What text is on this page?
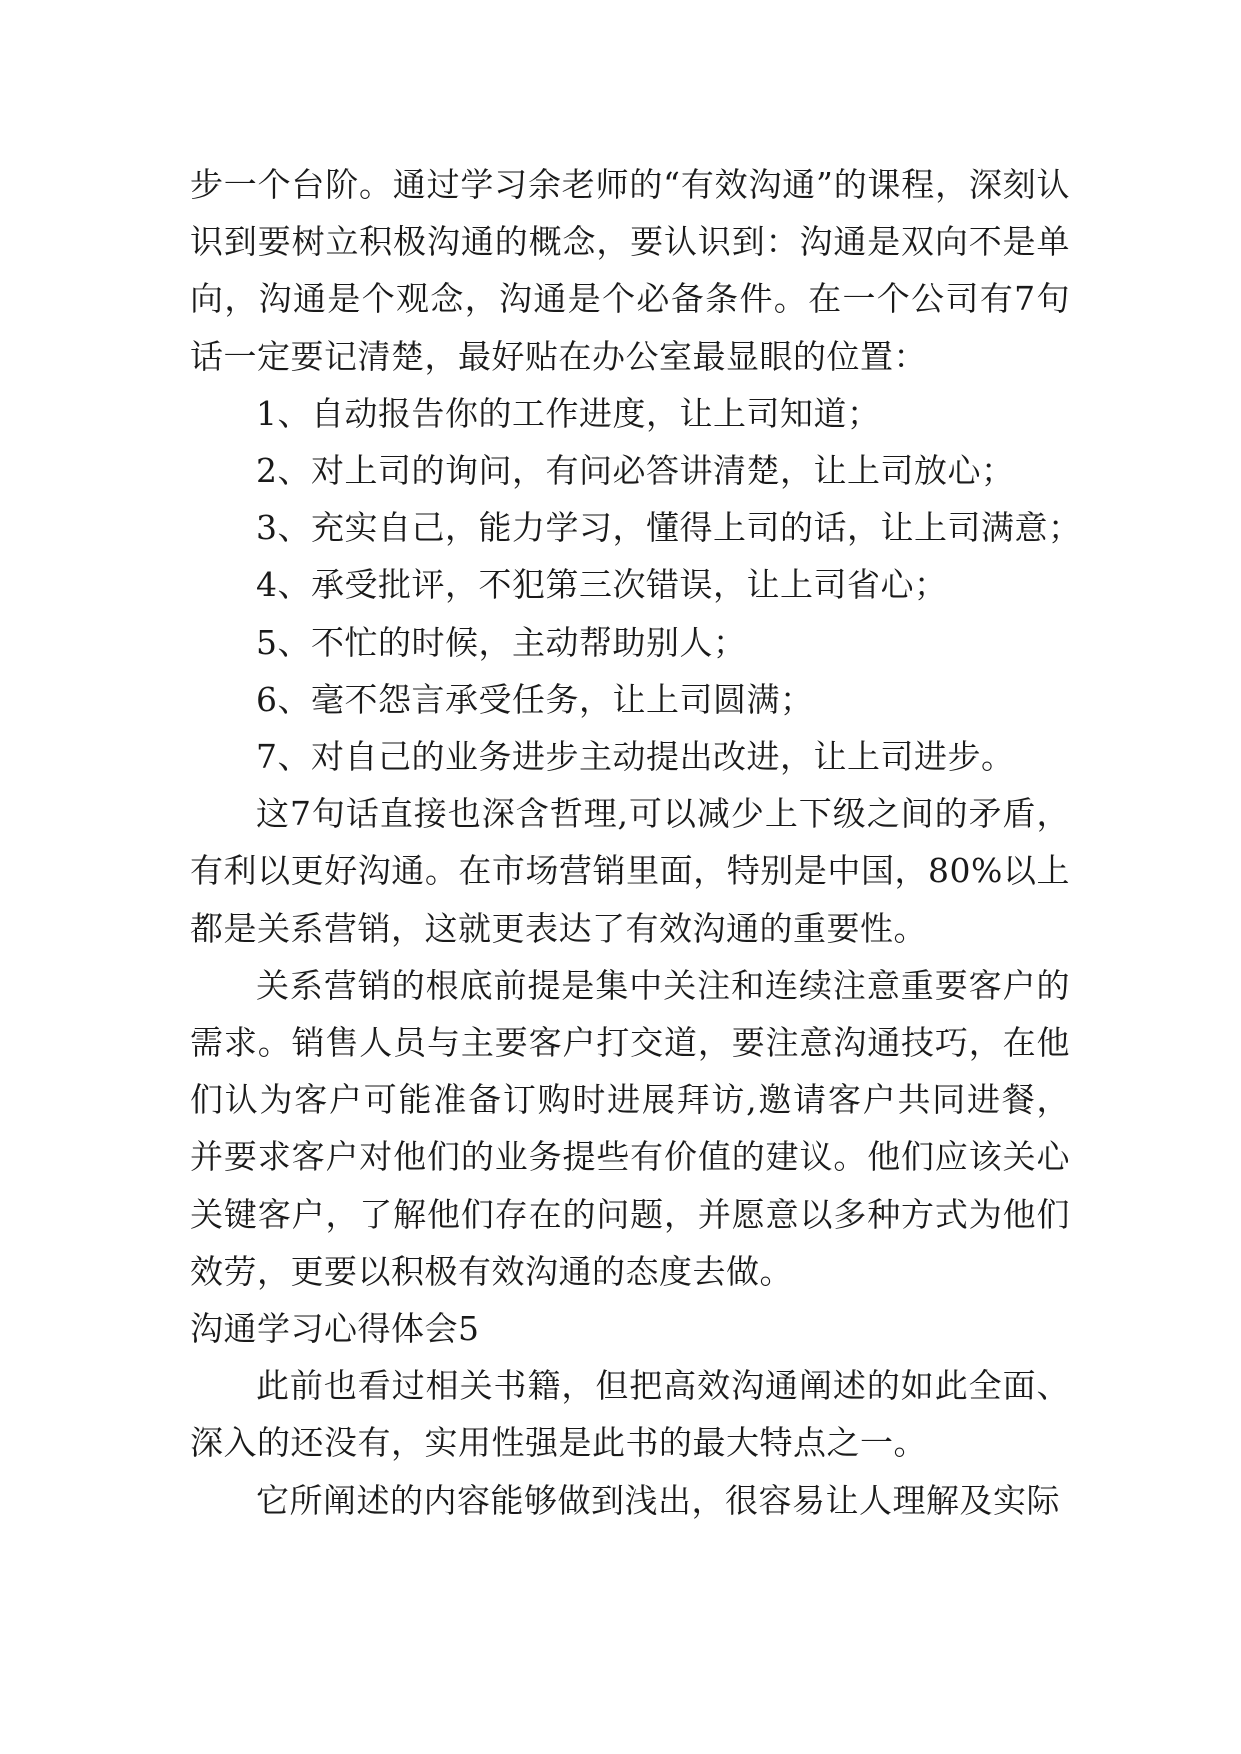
步一个台阶。通过学习余老师的“有效沟通”的课程，深刻认识到要树立积极沟通的概念，要认识到：沟通是双向不是单向，沟通是个观念，沟通是个必备条件。在一个公司有7句话一定要记清楚，最好贴在办公室最显眼的位置：

1、自动报告你的工作进度，让上司知道；

2、对上司的询问，有问必答讲清楚，让上司放心；

3、充实自己，能力学习，懂得上司的话，让上司满意；

4、承受批评，不犯第三次错误，让上司省心；

5、不忙的时候，主动帮助别人；

6、毫不怨言承受任务，让上司圆满；

7、对自己的业务进步主动提出改进，让上司进步。

这7句话直接也深含哲理,可以减少上下级之间的矛盾，有利以更好沟通。在市场营销里面，特别是中国，80%以上都是关系营销，这就更表达了有效沟通的重要性。

关系营销的根底前提是集中关注和连续注意重要客户的需求。销售人员与主要客户打交道，要注意沟通技巧，在他们认为客户可能准备订购时进展拜访,邀请客户共同进餐，并要求客户对他们的业务提些有价值的建议。他们应该关心关键客户，了解他们存在的问题，并愿意以多种方式为他们效劳，更要以积极有效沟通的态度去做。

沟通学习心得体会5

此前也看过相关书籍，但把高效沟通阐述的如此全面、深入的还没有，实用性强是此书的最大特点之一。

它所阐述的内容能够做到浅出，很容易让人理解及实际
